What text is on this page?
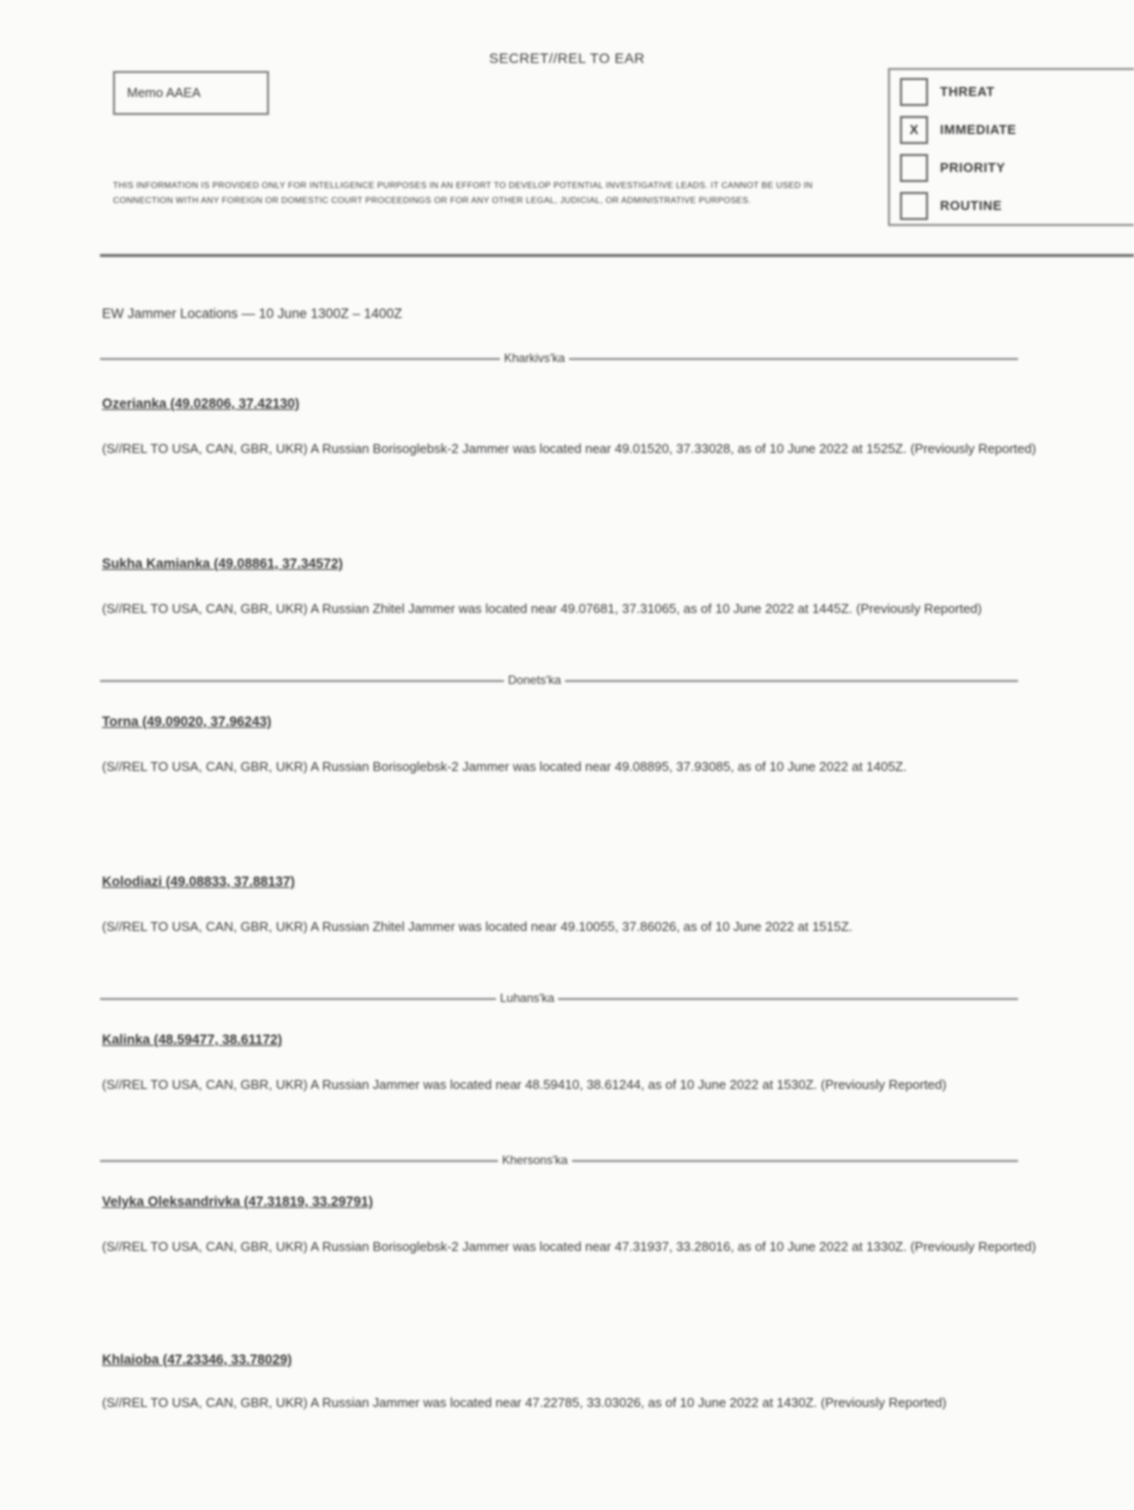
SECRET//REL TO EAR
Memo AAEA	THREAT
X	IMMEDIATE
PRIORITY
ROUTINE
THIS INFORMATION IS PROVIDED ONLY FOR INTELLIGENCE PURPOSES IN AN EFFORT TO DEVELOP POTENTIAL INVESTIGATIVE LEADS. IT CANNOT BE USED IN CONNECTION WITH ANY FOREIGN OR DOMESTIC COURT PROCEEDINGS OR FOR ANY OTHER LEGAL, JUDICIAL, OR ADMINISTRATIVE PURPOSES.
EW Jammer Locations — 10 June 1300Z – 1400Z
Kharkivs'ka
Ozerianka (49.02806, 37.42130)
(S//REL TO USA, CAN, GBR, UKR) A Russian Borisoglebsk-2 Jammer was located near 49.01520, 37.33028, as of 10 June 2022 at 1525Z. (Previously Reported)
Sukha Kamianka (49.08861, 37.34572)
(S//REL TO USA, CAN, GBR, UKR) A Russian Zhitel Jammer was located near 49.07681, 37.31065, as of 10 June 2022 at 1445Z. (Previously Reported)
Donets'ka
Torna (49.09020, 37.96243)
(S//REL TO USA, CAN, GBR, UKR) A Russian Borisoglebsk-2 Jammer was located near 49.08895, 37.93085, as of 10 June 2022 at 1405Z.
Kolodiazi (49.08833, 37.88137)
(S//REL TO USA, CAN, GBR, UKR) A Russian Zhitel Jammer was located near 49.10055, 37.86026, as of 10 June 2022 at 1515Z.
Luhans'ka
Kalinka (48.59477, 38.61172)
(S//REL TO USA, CAN, GBR, UKR) A Russian Jammer was located near 48.59410, 38.61244, as of 10 June 2022 at 1530Z. (Previously Reported)
Khersons'ka
Velyka Oleksandrivka (47.31819, 33.29791)
(S//REL TO USA, CAN, GBR, UKR) A Russian Borisoglebsk-2 Jammer was located near 47.31937, 33.28016, as of 10 June 2022 at 1330Z. (Previously Reported)
Khlaioba (47.23346, 33.78029)
(S//REL TO USA, CAN, GBR, UKR) A Russian Jammer was located near 47.22785, 33.03026, as of 10 June 2022 at 1430Z. (Previously Reported)
